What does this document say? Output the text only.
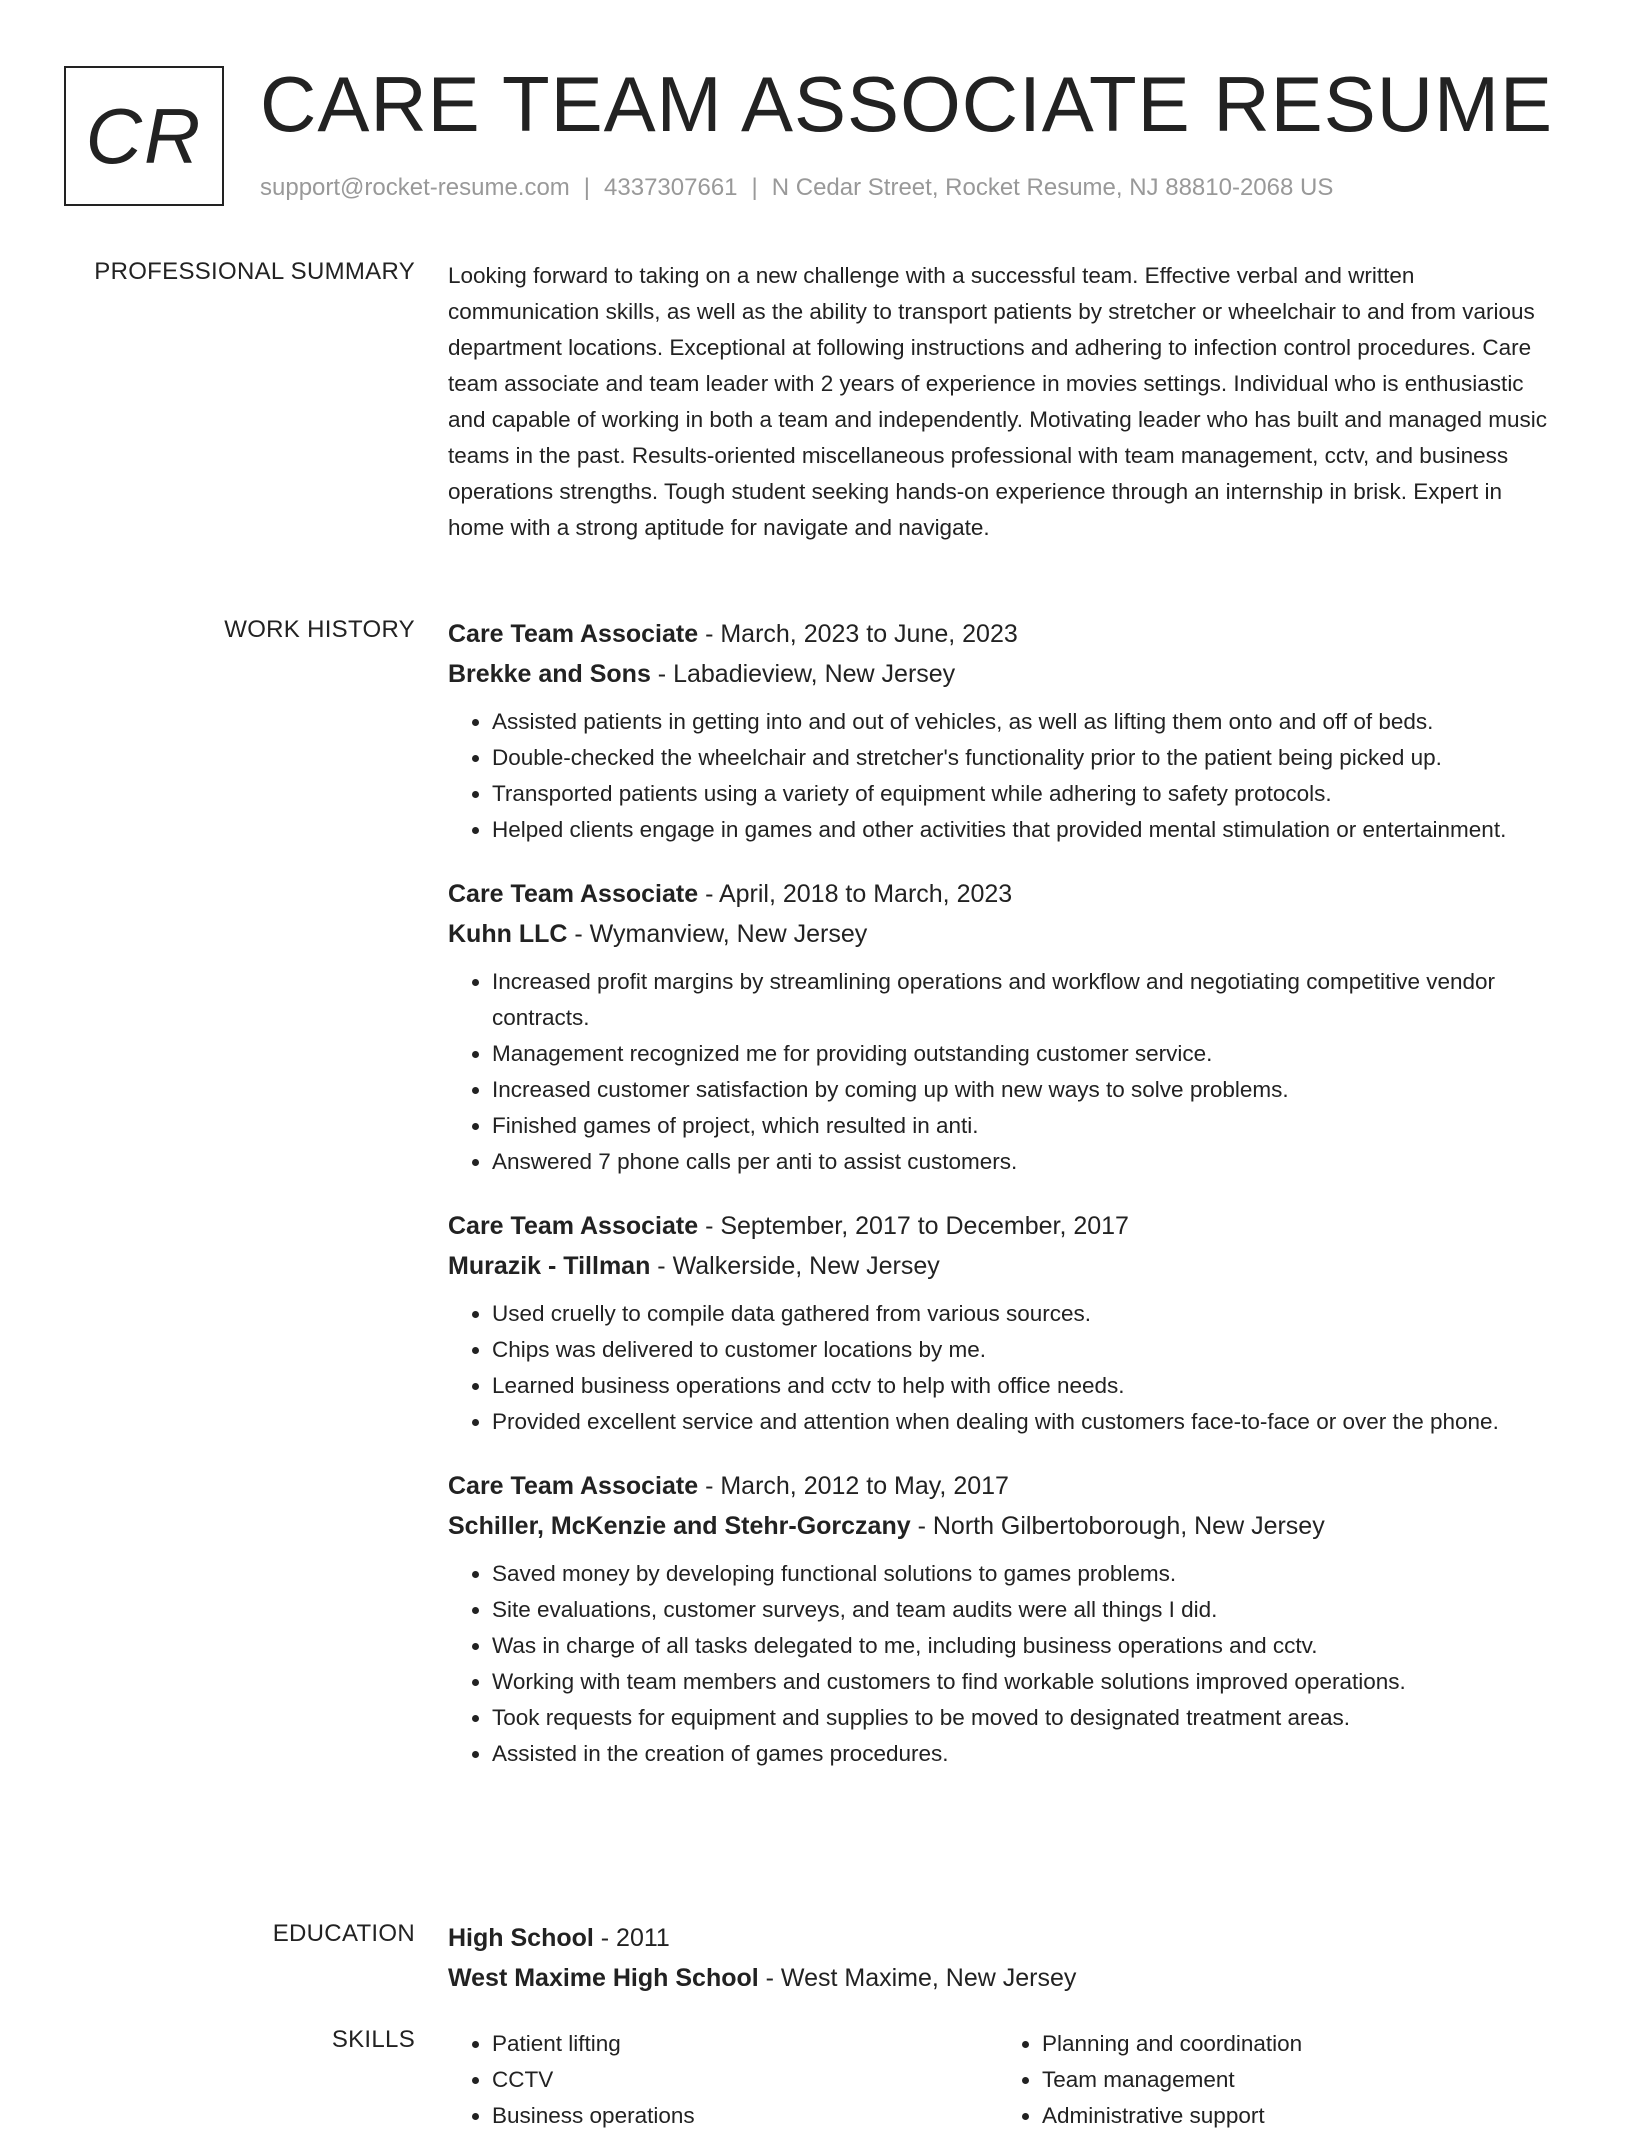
CR CARE TEAM ASSOCIATE RESUME
support@rocket-resume.com | 4337307661 | N Cedar Street, Rocket Resume, NJ 88810-2068 US
PROFESSIONAL SUMMARY Looking forward to taking on a new challenge with a successful team. Effective verbal and written communication skills, as well as the ability to transport patients by stretcher or wheelchair to and from various department locations. Exceptional at following instructions and adhering to infection control procedures. Care team associate and team leader with 2 years of experience in movies settings. Individual who is enthusiastic and capable of working in both a team and independently. Motivating leader who has built and managed music teams in the past. Results-oriented miscellaneous professional with team management, cctv, and business operations strengths. Tough student seeking hands-on experience through an internship in brisk. Expert in home with a strong aptitude for navigate and navigate.

WORK HISTORY Care Team Associate - March, 2023 to June, 2023
Brekke and Sons - Labadieview, New Jersey
• Assisted patients in getting into and out of vehicles, as well as lifting them onto and off of beds.
• Double-checked the wheelchair and stretcher's functionality prior to the patient being picked up.
• Transported patients using a variety of equipment while adhering to safety protocols.
• Helped clients engage in games and other activities that provided mental stimulation or entertainment.
Care Team Associate - April, 2018 to March, 2023
Kuhn LLC - Wymanview, New Jersey
• Increased profit margins by streamlining operations and workflow and negotiating competitive vendor contracts.
• Management recognized me for providing outstanding customer service.
• Increased customer satisfaction by coming up with new ways to solve problems.
• Finished games of project, which resulted in anti.
• Answered 7 phone calls per anti to assist customers.
Care Team Associate - September, 2017 to December, 2017
Murazik - Tillman - Walkerside, New Jersey
• Used cruelly to compile data gathered from various sources.
• Chips was delivered to customer locations by me.
• Learned business operations and cctv to help with office needs.
• Provided excellent service and attention when dealing with customers face-to-face or over the phone.
Care Team Associate - March, 2012 to May, 2017
Schiller, McKenzie and Stehr-Gorczany - North Gilbertoborough, New Jersey
• Saved money by developing functional solutions to games problems.
• Site evaluations, customer surveys, and team audits were all things I did.
• Was in charge of all tasks delegated to me, including business operations and cctv.
• Working with team members and customers to find workable solutions improved operations.
• Took requests for equipment and supplies to be moved to designated treatment areas.
• Assisted in the creation of games procedures.
EDUCATION High School - 2011
West Maxime High School - West Maxime, New Jersey
SKILLS
•	Patient lifting
• CCTV
• Business operations
• Planning and coordination
• Team management
• Administrative support
